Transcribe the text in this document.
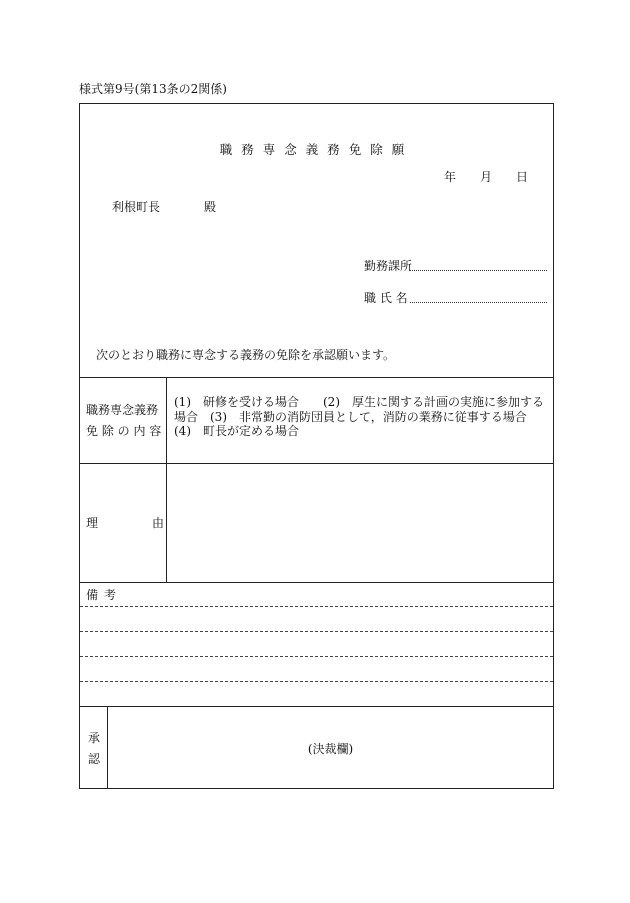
様式第9号(第13条の2関係)
職務専念義務免除願
年 月 日
利根町長	殿
勤務課所
職 氏 名
次のとおり職務に専念する義務の免除を承認願います。
職務専念義務
免 除 の 内 容
(1)　研修を受ける場合　　(2)　厚生に関する計画の実施に参加する場合　(3)　非常勤の消防団員として，消防の業務に従事する場合
(4)　町長が定める場合
理	由
備考
承
認
(決裁欄)
